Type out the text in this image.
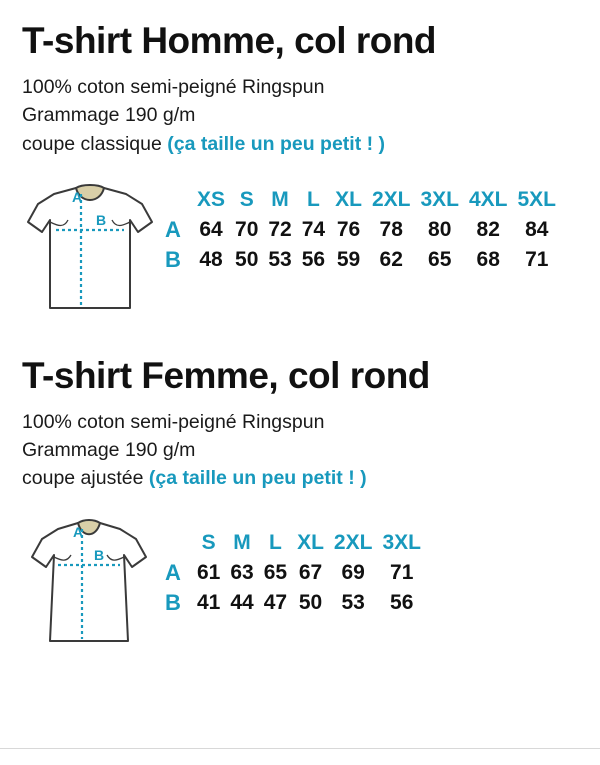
T-shirt Homme, col rond
100% coton semi-peigné Ringspun
Grammage 190 g/m
coupe classique (ça taille un peu petit ! )
A
B
	XS	S	M	L	XL	2XL	3XL	4XL	5XL
A	64	70	72	74	76	78	80	82	84
B	48	50	53	56	59	62	65	68	71
T-shirt Femme, col rond
100% coton semi-peigné Ringspun
Grammage 190 g/m
coupe ajustée (ça taille un peu petit ! )
A
B
	S	M	L	XL	2XL	3XL
A	61	63	65	67	69	71
B	41	44	47	50	53	56
